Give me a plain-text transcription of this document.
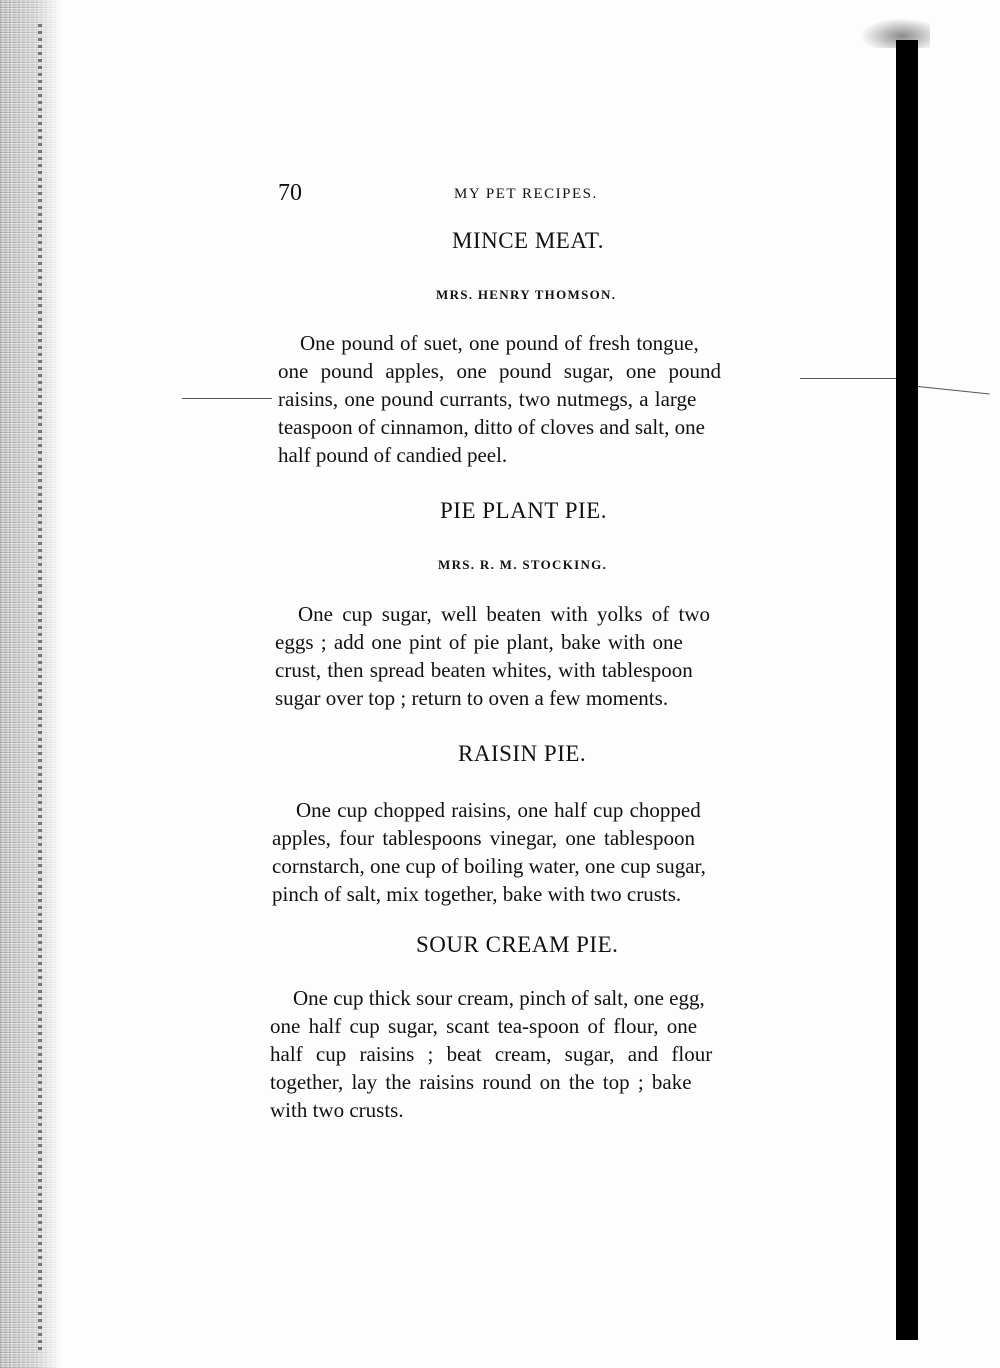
70	MY PET RECIPES.
MINCE MEAT.
MRS. HENRY THOMSON.
One pound of suet, one pound of fresh tongue,
one pound apples, one pound sugar, one pound
raisins, one pound currants, two nutmegs, a large
teaspoon of cinnamon, ditto of cloves and salt, one
half pound of candied peel.
PIE PLANT PIE.
MRS. R. M. STOCKING.
One cup sugar, well beaten with yolks of two
eggs ; add one pint of pie plant, bake with one
crust, then spread beaten whites, with tablespoon
sugar over top ; return to oven a few moments.
RAISIN PIE.
One cup chopped raisins, one half cup chopped
apples, four tablespoons vinegar, one tablespoon
cornstarch, one cup of boiling water, one cup sugar,
pinch of salt, mix together, bake with two crusts.
SOUR CREAM PIE.
One cup thick sour cream, pinch of salt, one egg,
one half cup sugar, scant tea-spoon of flour, one
half cup raisins ; beat cream, sugar, and flour
together, lay the raisins round on the top ; bake
with two crusts.
